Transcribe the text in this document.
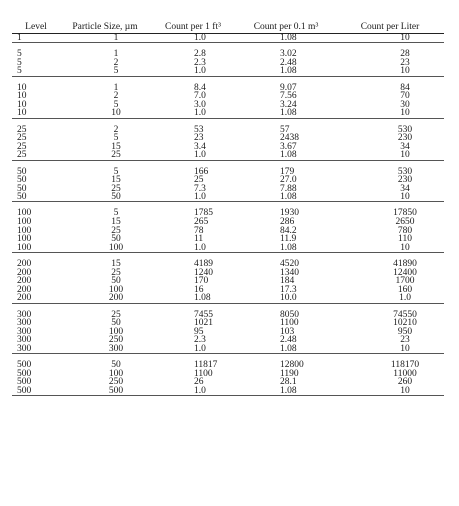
Level	Particle Size, µm	Count per 1 ft³	Count per 0.1 m³	Count per Liter
1	1	1.0	1.08	10
5	1	2.8	3.02	28
5	2	2.3	2.48	23
5	5	1.0	1.08	10
10	1	8.4	9.07	84
10	2	7.0	7.56	70
10	5	3.0	3.24	30
10	10	1.0	1.08	10
25	2	53	57	530
25	5	23	2438	230
25	15	3.4	3.67	34
25	25	1.0	1.08	10
50	5	166	179	530
50	15	25	27.0	230
50	25	7.3	7.88	34
50	50	1.0	1.08	10
100	5	1785	1930	17850
100	15	265	286	2650
100	25	78	84.2	780
100	50	11	11.9	110
100	100	1.0	1.08	10
200	15	4189	4520	41890
200	25	1240	1340	12400
200	50	170	184	1700
200	100	16	17.3	160
200	200	1.08	10.0	1.0
300	25	7455	8050	74550
300	50	1021	1100	10210
300	100	95	103	950
300	250	2.3	2.48	23
300	300	1.0	1.08	10
500	50	11817	12800	118170
500	100	1100	1190	11000
500	250	26	28.1	260
500	500	1.0	1.08	10
